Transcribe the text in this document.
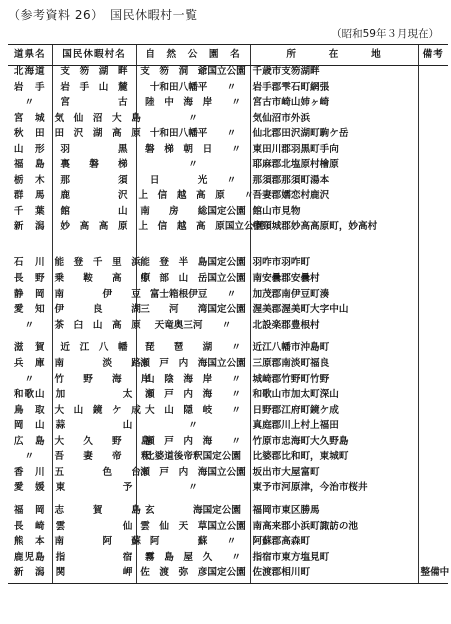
（参考資料 26）　国民休暇村一覧
（昭和59年３月現在）
道県名	国民休暇村名	自　然　公　園　名	所　　　在　　　地	備考
北海道	支　笏　湖　畔	支　笏　洞　爺国立公園	千歳市支笏湖畔	
岩　手	岩　手　山　麓	十和田八幡平　　〃	岩手郡雫石町網張	
〃	宮　　　　　古	陸　中　海　岸　　〃	宮古市崎山姉ヶ崎	
宮　城	気　仙　沼　大　島	〃	気仙沼市外浜	
秋　田	田　沢　湖　高　原	十和田八幡平　　〃	仙北郡田沢湖町駒ケ岳	
山　形	羽　　　　　黒	磐　梯　朝　日　　〃	東田川郡羽黒町手向	
福　島	裏　　磐　　梯	〃	耶麻郡北塩原村檜原	
栃　木	那　　　　　須	日　　　　光　　〃	那須郡那須町湯本	
群　馬	鹿　　　　　沢	上　信　越　高　原　　〃	吾妻郡嬬恋村鹿沢	
千　葉	館　　　　　山	南　　房　　総国定公園	館山市見物	
新　潟	妙　高　高　原	上　信　越　高　原国立公園	中頸城郡妙高高原町，妙高村	
石　川	能　登　千　里　浜	能　登　半　島国定公園	羽咋市羽咋町	
長　野	乗　　鞍　　高　　原	中　部　山　岳国立公園	南安曇郡安曇村	
静　岡	南　　　　伊　　豆	富士箱根伊豆　　〃	加茂郡南伊豆町湊	
愛　知	伊　　　良　　　湖	三　　河　　湾国定公園	渥美郡渥美町大字中山	
〃	茶　臼　山　高　原	天竜奥三河　　〃	北設楽郡豊根村	
滋　賀	近　江　八　幡	琵　　琶　　湖　　〃	近江八幡市沖島町	
兵　庫	南　　　　淡　　路	瀬　戸　内　海国立公園	三原郡南淡町福良	
〃	竹　　野　　海　　岸	山　陰　海　岸　　〃	城崎郡竹野町竹野	
和歌山	加　　　　　　太	瀬　戸　内　海　　〃	和歌山市加太町深山	
鳥　取	大　山　鏡　ケ　成	大　山　隠　岐　　〃	日野郡江府町鏡ケ成	
岡　山	蒜　　　　　　山	〃	真庭郡川上村上福田	
広　島	大　　久　　野　　島	瀬　戸　内　海　　〃	竹原市忠海町大久野島	
〃	吾　　妻　　帝　　釈	比婆道後帝釈国定公園	比婆郡比和町，東城町	
香　川	五　　　　色　　台	瀬　戸　内　海国立公園	坂出市大屋富町	
愛　媛	東　　　　　　予	〃	東予市河原津，今治市桜井	
福　岡	志　　　賀　　　島	玄　　　　海国定公園	福岡市東区勝馬	
長　崎	雲　　　　　　仙	雲　仙　天　草国立公園	南高来郡小浜町諏訪の池	
熊　本	南　　　　阿　　蘇	阿　　　　蘇　　〃	阿蘇郡高森町	
鹿児島	指　　　　　　宿	霧　島　屋　久　　〃	指宿市東方塩見町	
新　潟	関　　　　　　岬	佐　渡　弥　彦国定公園	佐渡郡相川町	整備中
